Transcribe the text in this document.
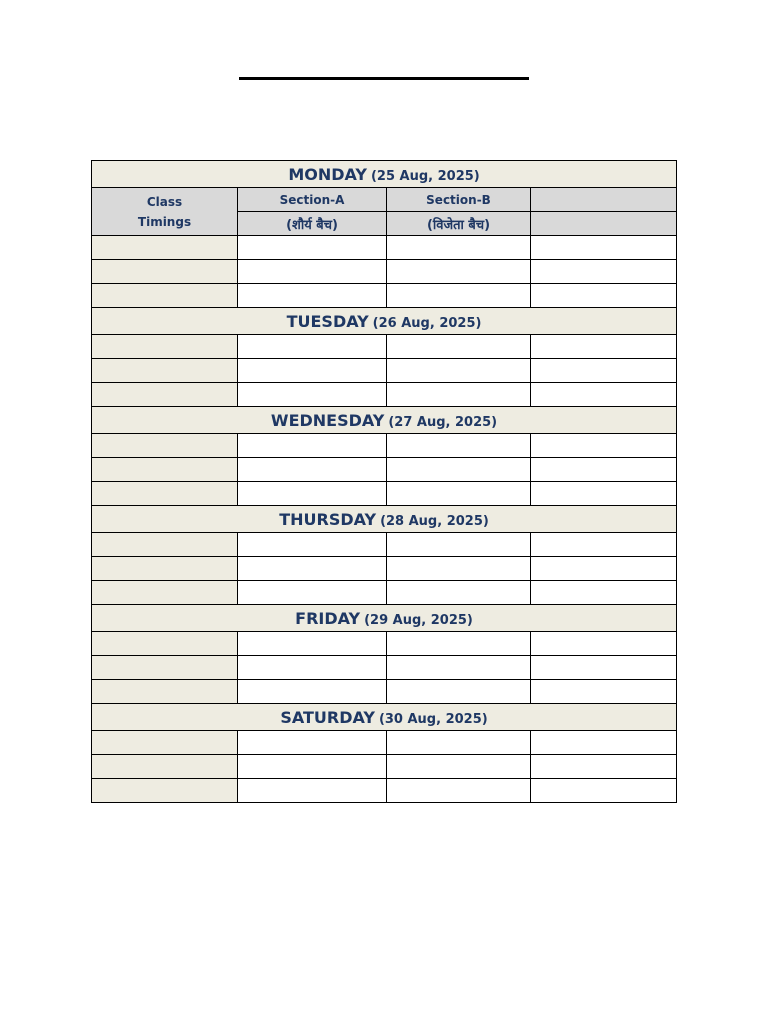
MONDAY (25 Aug, 2025)			

Class
Timings	Section-A	Section-B	
	(शौर्य बैच)	(विजेता बैच)	

TUESDAY (26 Aug, 2025)			

WEDNESDAY (27 Aug, 2025)			

THURSDAY (28 Aug, 2025)			

FRIDAY (29 Aug, 2025)			

SATURDAY (30 Aug, 2025)			
